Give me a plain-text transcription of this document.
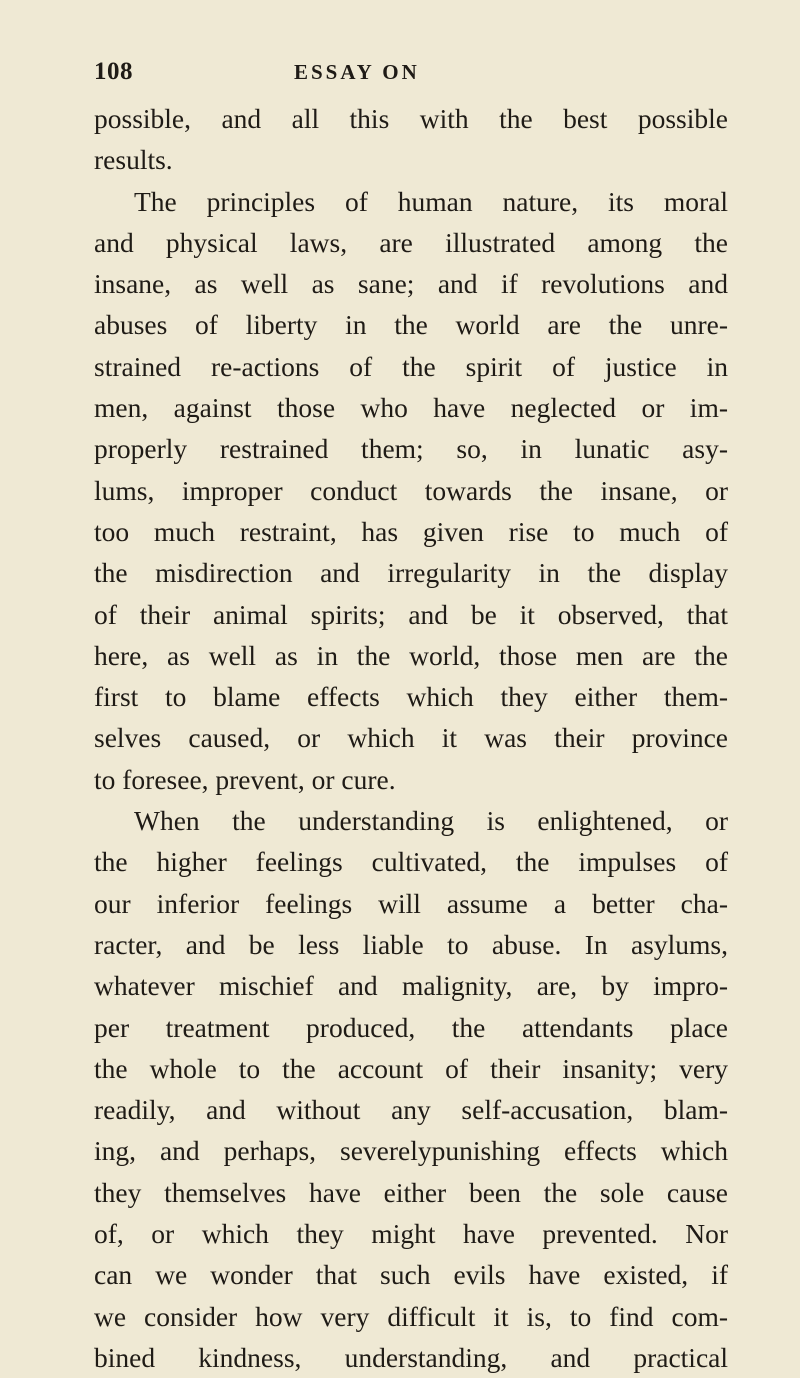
108	ESSAY ON
possible, and all this with the best possible
results.
The principles of human nature, its moral
and physical laws, are illustrated among the
insane, as well as sane; and if revolutions and
abuses of liberty in the world are the unre-
strained re-actions of the spirit of justice in
men, against those who have neglected or im-
properly restrained them; so, in lunatic asy-
lums, improper conduct towards the insane, or
too much restraint, has given rise to much of
the misdirection and irregularity in the display
of their animal spirits; and be it observed, that
here, as well as in the world, those men are the
first to blame effects which they either them-
selves caused, or which it was their province
to foresee, prevent, or cure.
When the understanding is enlightened, or
the higher feelings cultivated, the impulses of
our inferior feelings will assume a better cha-
racter, and be less liable to abuse. In asylums,
whatever mischief and malignity, are, by impro-
per treatment produced, the attendants place
the whole to the account of their insanity; very
readily, and without any self-accusation, blam-
ing, and perhaps, severelypunishing effects which
they themselves have either been the sole cause
of, or which they might have prevented. Nor
can we wonder that such evils have existed, if
we consider how very difficult it is, to find com-
bined kindness, understanding, and practical
